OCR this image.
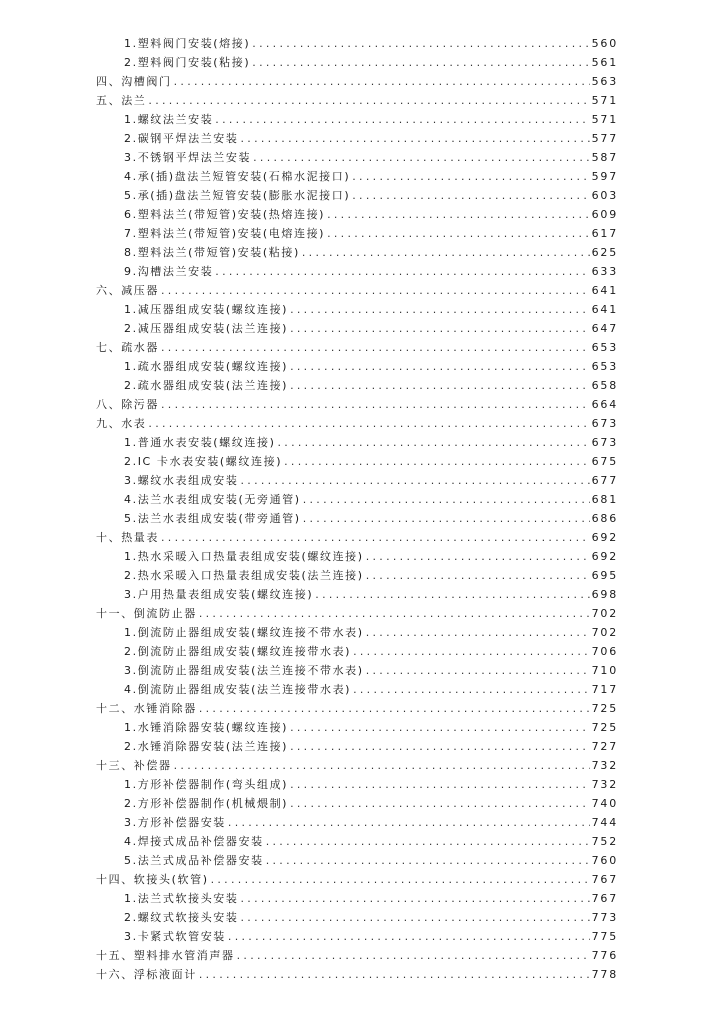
1.塑料阀门安装(熔接) .....	560
2.塑料阀门安装(粘接) .....	561
四、沟槽阀门 .....	563
五、法兰 .....	571
1.螺纹法兰安装 .....	571
2.碳钢平焊法兰安装 .....	577
3.不锈钢平焊法兰安装 .....	587
4.承(插)盘法兰短管安装(石棉水泥接口) .....	597
5.承(插)盘法兰短管安装(膨胀水泥接口) .....	603
6.塑料法兰(带短管)安装(热熔连接) .....	609
7.塑料法兰(带短管)安装(电熔连接) .....	617
8.塑料法兰(带短管)安装(粘接) .....	625
9.沟槽法兰安装 .....	633
六、减压器 .....	641
1.减压器组成安装(螺纹连接) .....	641
2.减压器组成安装(法兰连接) .....	647
七、疏水器 .....	653
1.疏水器组成安装(螺纹连接) .....	653
2.疏水器组成安装(法兰连接) .....	658
八、除污器 .....	664
九、水表 .....	673
1.普通水表安装(螺纹连接) .....	673
2.IC 卡水表安装(螺纹连接) .....	675
3.螺纹水表组成安装 .....	677
4.法兰水表组成安装(无旁通管) .....	681
5.法兰水表组成安装(带旁通管) .....	686
十、热量表 .....	692
1.热水采暖入口热量表组成安装(螺纹连接) .....	692
2.热水采暖入口热量表组成安装(法兰连接) .....	695
3.户用热量表组成安装(螺纹连接) .....	698
十一、倒流防止器 .....	702
1.倒流防止器组成安装(螺纹连接不带水表) .....	702
2.倒流防止器组成安装(螺纹连接带水表) .....	706
3.倒流防止器组成安装(法兰连接不带水表) .....	710
4.倒流防止器组成安装(法兰连接带水表) .....	717
十二、水锤消除器 .....	725
1.水锤消除器安装(螺纹连接) .....	725
2.水锤消除器安装(法兰连接) .....	727
十三、补偿器 .....	732
1.方形补偿器制作(弯头组成) .....	732
2.方形补偿器制作(机械煨制) .....	740
3.方形补偿器安装 .....	744
4.焊接式成品补偿器安装 .....	752
5.法兰式成品补偿器安装 .....	760
十四、软接头(软管) .....	767
1.法兰式软接头安装 .....	767
2.螺纹式软接头安装 .....	773
3.卡紧式软管安装 .....	775
十五、塑料排水管消声器 .....	776
十六、浮标液面计 .....	778
